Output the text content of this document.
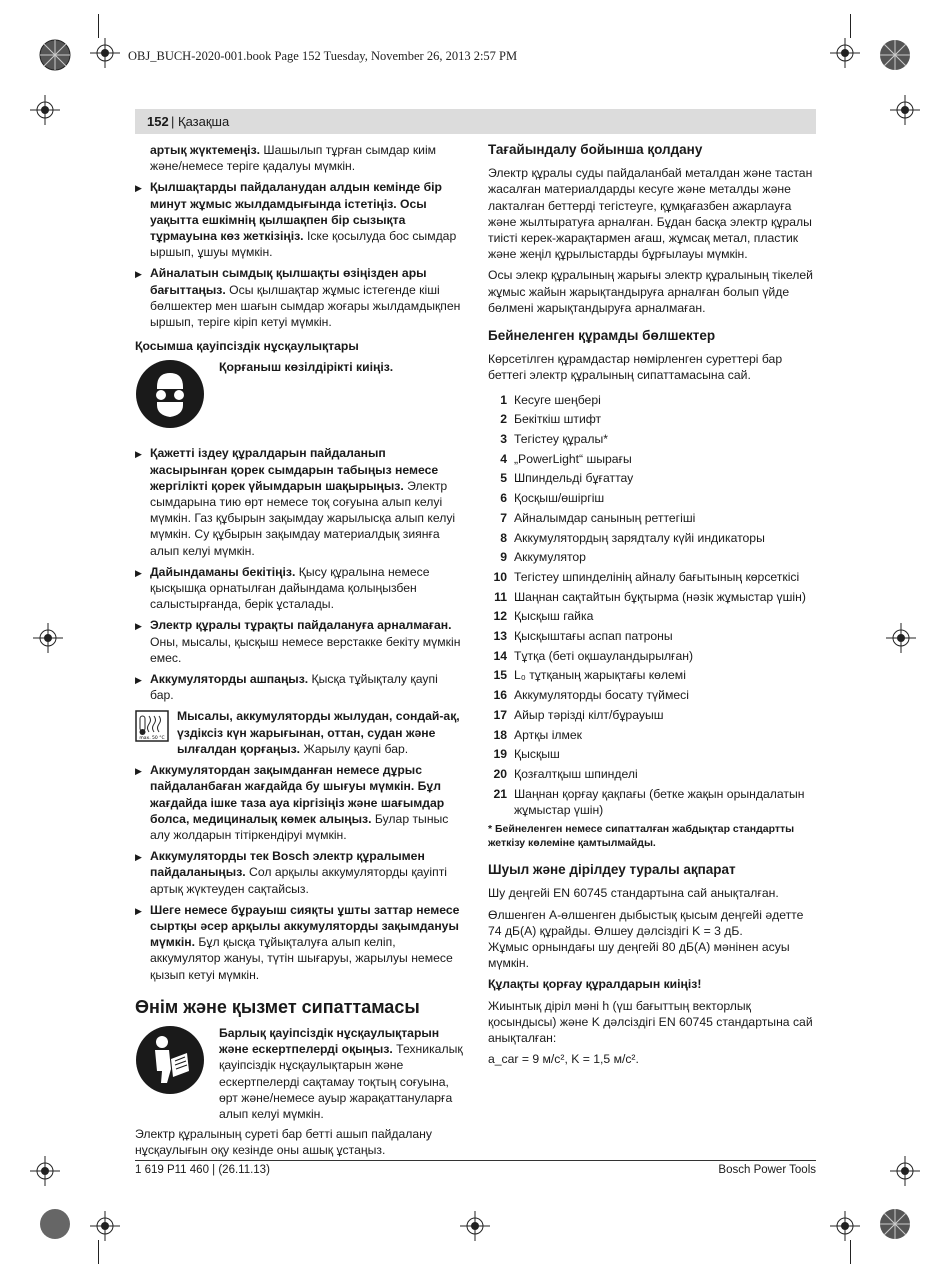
OBJ_BUCH-2020-001.book Page 152 Tuesday, November 26, 2013 2:57 PM
152 | Қазақша

артық жүктемеңіз. Шашылып тұрған сымдар киім және/немесе теріге қадалуы мүмкін.

▶ Қылшақтарды пайдаланудан алдын кемінде бір минут жұмыс жылдамдығында істетіңіз. Осы уақытта ешкімнің қылшақпен бір сызықта тұрмауына көз жеткізіңіз. Іске қосылуда бос сымдар ыршып, ұшуы мүмкін.
▶ Айналатын сымдық қылшақты өзіңізден ары бағыттаңыз. Осы қылшақтар жұмыс істегенде кіші бөлшектер мен шағын сымдар жоғары жылдамдықпен ыршып, теріге кіріп кетуі мүмкін.
Қосымша қауіпсіздік нұсқаулықтары
Қорғаныш көзілдірікті киіңіз.
▶ Қажетті іздеу құралдарын пайдаланып жасырынған қорек сымдарын табыңыз немесе жергілікті қорек үйымдарын шақырыңыз. Электр сымдарына тию өрт немесе тоқ соғуына алып келуі мүмкін. Газ құбырын зақымдау жарылысқа алып келуі мүмкін. Су құбырын зақымдау материалдық зиянға алып келуі мүмкін.
▶ Дайындаманы бекітіңіз. Қысу құралына немесе қысқышқа орнатылған дайындама қолыңызбен салыстырғанда, берік ұсталады.
▶ Электр құралы тұрақты пайдалануға арналмаған. Оны, мысалы, қысқыш немесе верстакке бекіту мүмкін емес.
▶ Аккумуляторды ашпаңыз. Қысқа тұйықталу қаупі бар.
max. 50 °C
Мысалы, аккумуляторды жылудан, сондай-ақ, үздіксіз күн жарығынан, оттан, судан және ылғалдан қорғаңыз. Жарылу қаупі бар.
▶ Аккумулятордан зақымданған немесе дұрыс пайдаланбаған жағдайда бу шығуы мүмкін. Бұл жағдайда ішке таза ауа кіргізіңіз және шағымдар болса, медициналық көмек алыңыз. Булар тыныс алу жолдарын тітіркендіруі мүмкін.
▶ Аккумуляторды тек Bosch электр құралымен пайдаланыңыз. Сол арқылы аккумуляторды қауіпті артық жүктеуден сақтайсыз.
▶ Шеге немесе бұрауыш сияқты ұшты заттар немесе сыртқы әсер арқылы аккумуляторды зақымдануы мүмкін. Бұл қысқа тұйықталуға алып келіп, аккумулятор жануы, түтін шығаруы, жарылуы немесе қызып кетуі мүмкін.
Өнім және қызмет сипаттамасы
Барлық қауіпсіздік нұсқаулықтарын және ескертпелерді оқыңыз. Техникалық қауіпсіздік нұсқаулықтарын және ескертпелерді сақтамау тоқтың соғуына, өрт және/немесе ауыр жарақаттануларға алып келуі мүмкін.

Электр құралының суреті бар бетті ашып пайдалану нұсқаулығын оқу кезінде оны ашық ұстаңыз.

Тағайындалу бойынша қолдану

Электр құралы суды пайдаланбай металдан және тастан жасалған материалдарды кесуге және металды және лакталған беттерді тегістеуге, құмқағазбен ажарлауға және жылтыратуға арналған. Бұдан басқа электр құралы тиісті керек-жарақтармен ағаш, жұмсақ метал, пластик және жеңіл құрылыстарды бұрғылауы мүмкін.

Осы элекр құралының жарығы электр құралының тікелей жұмыс жайын жарықтандыруға арналған болып үйде бөлмені жарықтандыруға арналмаған.

Бейнеленген құрамды бөлшектер

Көрсетілген құрамдастар нөмірленген суреттері бар беттегі электр құралының сипаттамасына сай.

1 Кесуге шеңбері
2 Бекіткіш штифт
3 Тегістеу құралы*
4 „PowerLight“ шырағы
5 Шпиндельді бұғаттау
6 Қосқыш/өшіргіш
7 Айналымдар санының реттегіші
8 Аккумулятордың зарядталу күйі индикаторы
9 Аккумулятор
10 Тегістеу шпинделінің айналу бағытының көрсеткісі
11 Шаңнан сақтайтын бұқтырма (нәзік жұмыстар үшін)
12 Қысқыш гайка
13 Қысқыштағы аспап патроны
14 Тұтқа (беті оқшауландырылған)
15 L₀ тұтқаның жарықтағы көлемі
16 Аккумуляторды босату түймесі
17 Айыр тәрізді кілт/бұрауыш
18 Артқы ілмек
19 Қысқыш
20 Қозғалтқыш шпинделі
21 Шаңнан қорғау қақпағы (бетке жақын орындалатын жұмыстар үшін)
* Бейнеленген немесе сипатталған жабдықтар стандартты жеткізу көлеміне қамтылмайды.
Шуыл және дірілдеу туралы ақпарат

Шу деңгейі EN 60745 стандартына сай анықталған.

Өлшенген A-өлшенген дыбыстық қысым деңгейі әдетте 74 дБ(A) құрайды. Өлшеу дәлсіздігі K = 3 дБ.

Жұмыс орнындағы шу деңгейі 80 дБ(A) мәнінен асуы мүмкін.

Құлақты қорғау құралдарын киіңіз!

Жиынтық діріл мәні h (үш бағыттың векторлық қосындысы) және K дәлсіздігі EN 60745 стандартына сай анықталған:

a_car = 9 м/с², K = 1,5 м/с².

1 619 P11 460 | (26.11.13)	Bosch Power Tools
